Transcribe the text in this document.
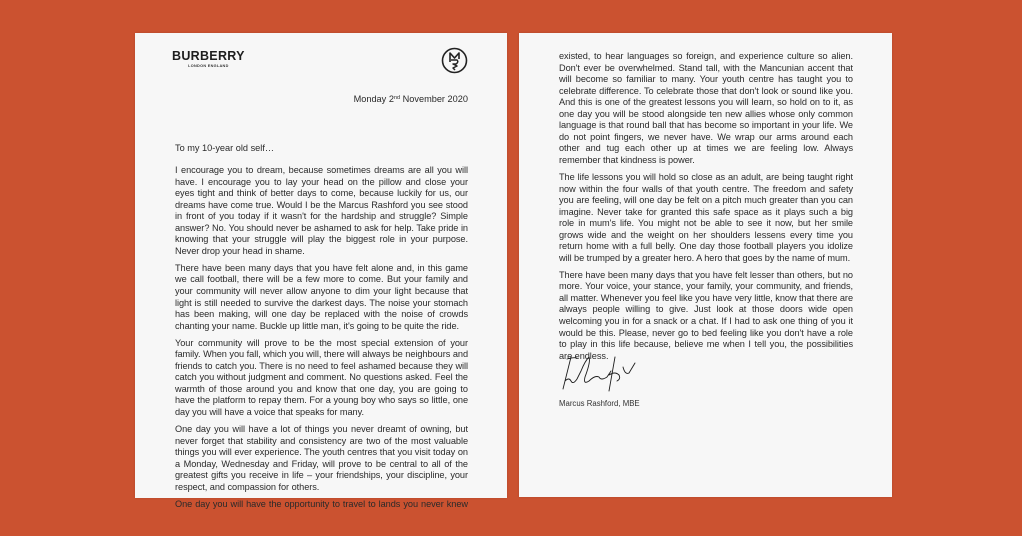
BURBERRY
LONDON ENGLAND
Monday 2nd November 2020
To my 10-year old self…

I encourage you to dream, because sometimes dreams are all you will have. I encourage you to lay your head on the pillow and close your eyes tight and think of better days to come, because luckily for us, our dreams have come true. Would I be the Marcus Rashford you see stood in front of you today if it wasn't for the hardship and struggle? Simple answer? No. You should never be ashamed to ask for help. Take pride in knowing that your struggle will play the biggest role in your purpose. Never drop your head in shame.

There have been many days that you have felt alone and, in this game we call football, there will be a few more to come. But your family and your community will never allow anyone to dim your light because that light is still needed to survive the darkest days. The noise your stomach has been making, will one day be replaced with the noise of crowds chanting your name. Buckle up little man, it's going to be quite the ride.

Your community will prove to be the most special extension of your family. When you fall, which you will, there will always be neighbours and friends to catch you. There is no need to feel ashamed because they will catch you without judgment and comment. No questions asked. Feel the warmth of those around you and know that one day, you are going to have the platform to repay them. For a young boy who says so little, one day you will have a voice that speaks for many.

One day you will have a lot of things you never dreamt of owning, but never forget that stability and consistency are two of the most valuable things you will ever experience. The youth centres that you visit today on a Monday, Wednesday and Friday, will prove to be central to all of the greatest gifts you receive in life – your friendships, your discipline, your respect, and compassion for others.

One day you will have the opportunity to travel to lands you never knew

existed, to hear languages so foreign, and experience culture so alien. Don't ever be overwhelmed. Stand tall, with the Mancunian accent that will become so familiar to many. Your youth centre has taught you to celebrate difference. To celebrate those that don't look or sound like you. And this is one of the greatest lessons you will learn, so hold on to it, as one day you will be stood alongside ten new allies whose only common language is that round ball that has become so important in your life. We do not point fingers, we never have. We wrap our arms around each other and tug each other up at times we are feeling low. Always remember that kindness is power.

The life lessons you will hold so close as an adult, are being taught right now within the four walls of that youth centre. The freedom and safety you are feeling, will one day be felt on a pitch much greater than you can imagine. Never take for granted this safe space as it plays such a big role in mum's life. You might not be able to see it now, but her smile grows wide and the weight on her shoulders lessens every time you return home with a full belly. One day those football players you idolize will be trumped by a greater hero. A hero that goes by the name of mum.

There have been many days that you have felt lesser than others, but no more. Your voice, your stance, your family, your community, and friends, all matter. Whenever you feel like you have very little, know that there are always people willing to give. Just look at those doors wide open welcoming you in for a snack or a chat. If I had to ask one thing of you it would be this. Please, never go to bed feeling like you don't have a role to play in this life because, believe me when I tell you, the possibilities are endless.

Marcus Rashford, MBE
